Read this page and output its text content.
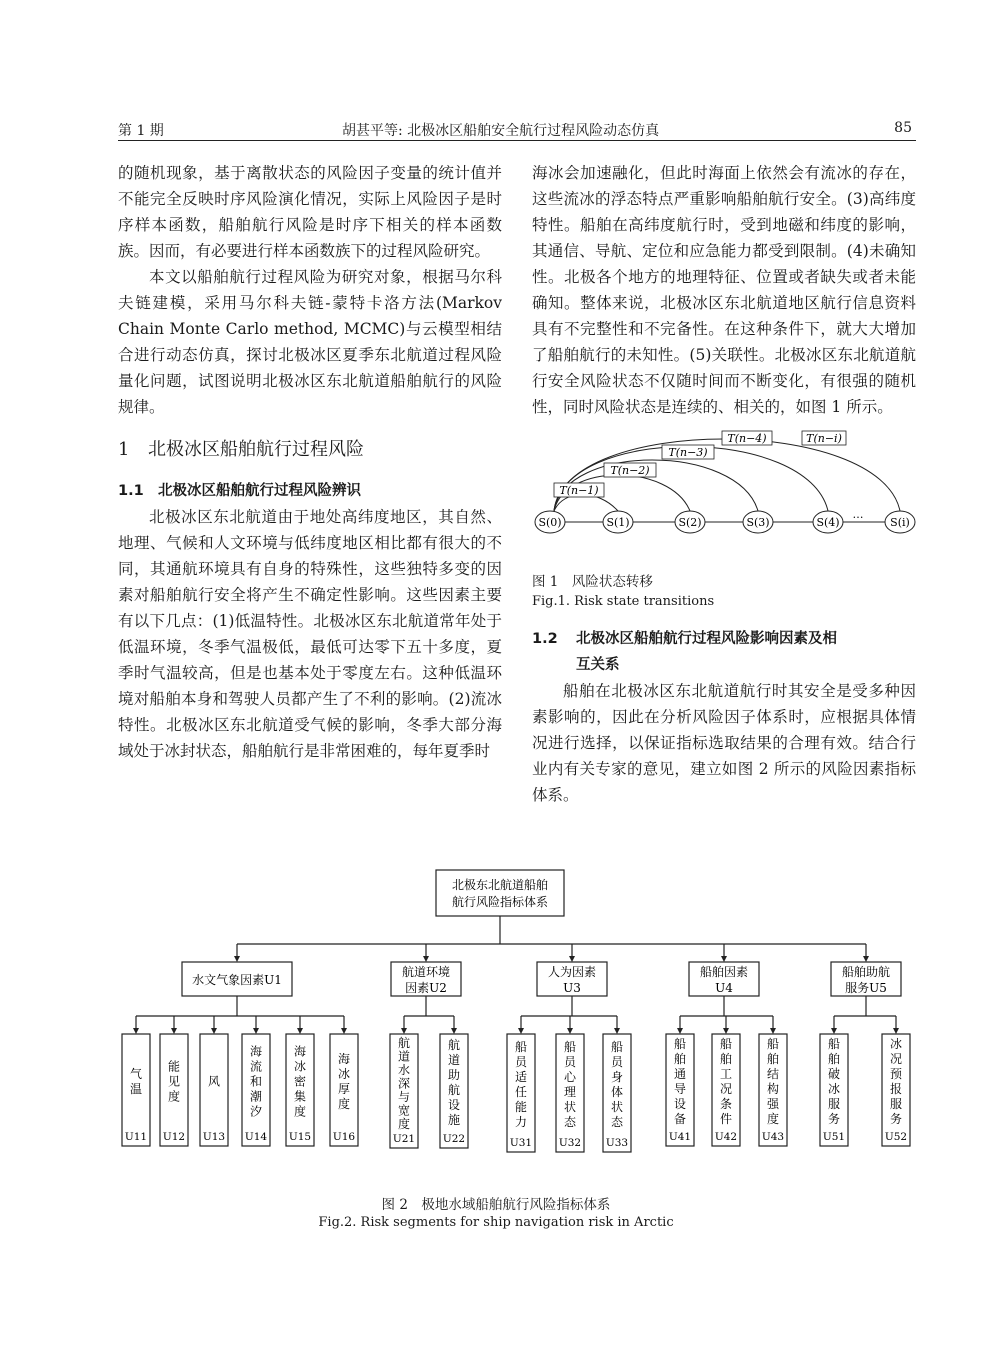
第 1 期	胡甚平等: 北极冰区船舶安全航行过程风险动态仿真	85

的随机现象，基于离散状态的风险因子变量的统计值并不能完全反映时序风险演化情况，实际上风险因子是时序样本函数，船舶航行风险是时序下相关的样本函数族。因而，有必要进行样本函数族下的过程风险研究。

本文以船舶航行过程风险为研究对象，根据马尔科夫链建模，采用马尔科夫链-蒙特卡洛方法(Markov Chain Monte Carlo method, MCMC)与云模型相结合进行动态仿真，探讨北极冰区夏季东北航道过程风险量化问题，试图说明北极冰区东北航道船舶航行的风险规律。

1 北极冰区船舶航行过程风险

1.1 北极冰区船舶航行过程风险辨识

北极冰区东北航道由于地处高纬度地区，其自然、地理、气候和人文环境与低纬度地区相比都有很大的不同，其通航环境具有自身的特殊性，这些独特多变的因素对船舶航行安全将产生不确定性影响。这些因素主要有以下几点：(1)低温特性。北极冰区东北航道常年处于低温环境，冬季气温极低，最低可达零下五十多度，夏季时气温较高，但是也基本处于零度左右。这种低温环境对船舶本身和驾驶人员都产生了不利的影响。(2)流冰特性。北极冰区东北航道受气候的影响，冬季大部分海域处于冰封状态，船舶航行是非常困难的，每年夏季时

海冰会加速融化，但此时海面上依然会有流冰的存在，这些流冰的浮态特点严重影响船舶航行安全。(3)高纬度特性。船舶在高纬度航行时，受到地磁和纬度的影响，其通信、导航、定位和应急能力都受到限制。(4)未确知性。北极各个地方的地理特征、位置或者缺失或者未能确知。整体来说，北极冰区东北航道地区航行信息资料具有不完整性和不完备性。在这种条件下，就大大增加了船舶航行的未知性。(5)关联性。北极冰区东北航道航行安全风险状态不仅随时间而不断变化，有很强的随机性，同时风险状态是连续的、相关的，如图 1 所示。

S(0)	S(1)	S(2)	S(3)	S(4)
…
S(i)
T(n−1)
T(n−2)
T(n−3)
T(n−4)	T(n−i)

图 1　风险状态转移

Fig.1. Risk state transitions

1.2 北极冰区船舶航行过程风险影响因素及相
互关系

船舶在北极冰区东北航道航行时其安全是受多种因素影响的，因此在分析风险因子体系时，应根据具体情况进行选择，以保证指标选取结果的合理有效。结合行业内有关专家的意见，建立如图 2 所示的风险因素指标体系。

北极东北航道船舶
航行风险指标体系
水文气象因素U1
气
温
U11
能
见
度
U12
风
U13
海
流
和
潮
汐
U14
海
冰
密
集
度
U15
海
冰
厚
度
U16
航道环境
因素U2
航
道
水
深
与
宽
度
U21
航
道
助
航
设
施
U22
人为因素
U3
船
员
适
任
能
力
U31
船
员
心
理
状
态
U32
船
员
身
体
状
态
U33
船舶因素
U4
船
舶
通
导
设
备
U41
船
舶
工
况
条
件
U42
船
舶
结
构
强
度
U43
船舶助航
服务U5
船
舶
破
冰
服
务
U51
冰
况
预
报
服
务
U52
图 2　极地水域船舶航行风险指标体系
Fig.2. Risk segments for ship navigation risk in Arctic
